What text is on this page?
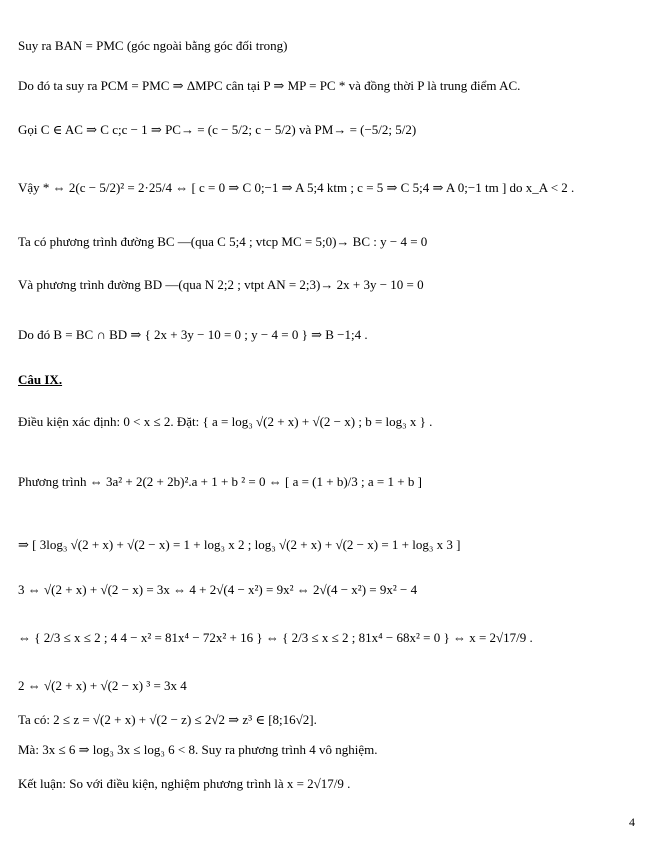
Suy ra BAN = PMC (góc ngoài bằng góc đối trong)
Do đó ta suy ra PCM = PMC ⇒ ΔMPC cân tại P ⇒ MP = PC * và đồng thời P là trung điểm AC.
Gọi C ∈ AC ⇒ C c;c − 1 ⇒ PC→ = (c − 5/2; c − 5/2) và PM→ = (−5/2; 5/2)
Vậy * ⇔ 2(c − 5/2)² = 2·25/4 ⇔ [ c = 0 ⇒ C 0;−1 ⇒ A 5;4 ktm ; c = 5 ⇒ C 5;4 ⇒ A 0;−1 tm ] do x_A < 2 .
Ta có phương trình đường BC —(qua C 5;4 ; vtcp MC = 5;0)→ BC : y − 4 = 0
Và phương trình đường BD —(qua N 2;2 ; vtpt AN = 2;3)→ 2x + 3y − 10 = 0
Do đó B = BC ∩ BD ⇒ { 2x + 3y − 10 = 0 ; y − 4 = 0 } ⇒ B −1;4 .
Câu IX.
Điều kiện xác định: 0 < x ≤ 2. Đặt: { a = log₃ √(2 + x) + √(2 − x) ; b = log₃ x } .
Phương trình ⇔ 3a² + 2(2 + 2b)².a + 1 + b ² = 0 ⇔ [ a = (1 + b)/3 ; a = 1 + b ]
⇒ [ 3log₃ √(2 + x) + √(2 − x) = 1 + log₃ x 2 ; log₃ √(2 + x) + √(2 − x) = 1 + log₃ x 3 ]
3 ⇔ √(2 + x) + √(2 − x) = 3x ⇔ 4 + 2√(4 − x²) = 9x² ⇔ 2√(4 − x²) = 9x² − 4
⇔ { 2/3 ≤ x ≤ 2 ; 4 4 − x² = 81x⁴ − 72x² + 16 } ⇔ { 2/3 ≤ x ≤ 2 ; 81x⁴ − 68x² = 0 } ⇔ x = 2√17/9 .
2 ⇔ √(2 + x) + √(2 − x) ³ = 3x 4
Ta có: 2 ≤ z = √(2 + x) + √(2 − z) ≤ 2√2 ⇒ z³ ∈ [8;16√2].
Mà: 3x ≤ 6 ⇒ log₃ 3x ≤ log₃ 6 < 8. Suy ra phương trình 4 vô nghiệm.
Kết luận: So với điều kiện, nghiệm phương trình là x = 2√17/9 .
4
